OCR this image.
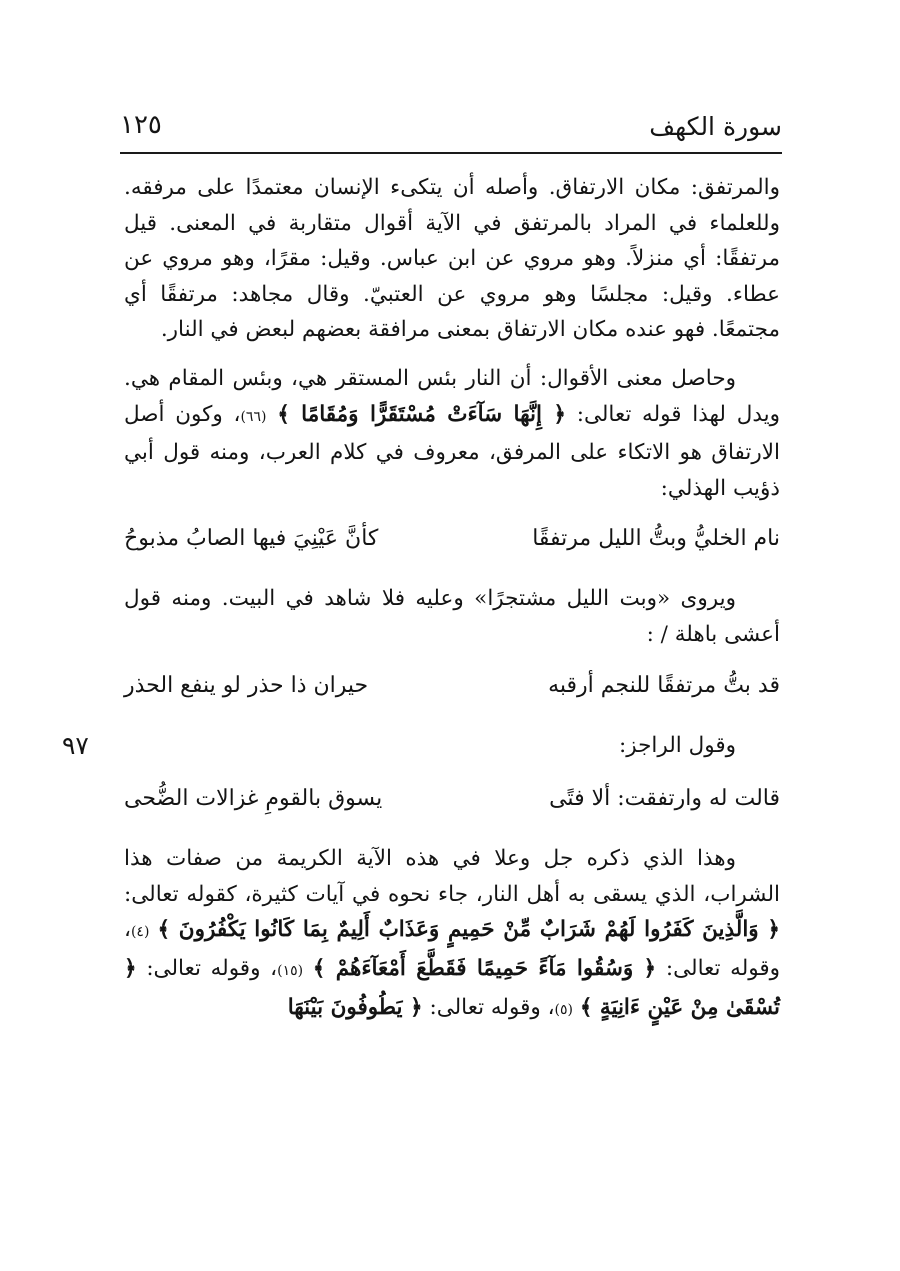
١٢٥	سورة الكهف
٩٧

والمرتفق: مكان الارتفاق. وأصله أن يتكىء الإنسان معتمدًا على مرفقه. وللعلماء في المراد بالمرتفق في الآية أقوال متقاربة في المعنى. قيل مرتفقًا: أي منزلاً. وهو مروي عن ابن عباس. وقيل: مقرًا، وهو مروي عن عطاء. وقيل: مجلسًا وهو مروي عن العتبيّ. وقال مجاهد: مرتفقًا أي مجتمعًا. فهو عنده مكان الارتفاق بمعنى مرافقة بعضهم لبعض في النار.

وحاصل معنى الأقوال: أن النار بئس المستقر هي، وبئس المقام هي. ويدل لهذا قوله تعالى: ﴿ إِنَّهَا سَآءَتْ مُسْتَقَرًّا وَمُقَامًا ﴾ (٦٦)، وكون أصل الارتفاق هو الاتكاء على المرفق، معروف في كلام العرب، ومنه قول أبي ذؤيب الهذلي:

نام الخليُّ وبتُّ الليل مرتفقًا
كأنَّ عَيْنِيَ فيها الصابُ مذبوحُ

ويروى «وبت الليل مشتجرًا» وعليه فلا شاهد في البيت. ومنه قول أعشى باهلة / :

قد بتُّ مرتفقًا للنجم أرقبه
حيران ذا حذر لو ينفع الحذر

وقول الراجز:

قالت له وارتفقت: ألا فتًى
يسوق بالقومِ غزالات الضُّحى

وهذا الذي ذكره جل وعلا في هذه الآية الكريمة من صفات هذا الشراب، الذي يسقى به أهل النار، جاء نحوه في آيات كثيرة، كقوله تعالى: ﴿ وَالَّذِينَ كَفَرُوا لَهُمْ شَرَابٌ مِّنْ حَمِيمٍ وَعَذَابٌ أَلِيمٌ بِمَا كَانُوا يَكْفُرُونَ ﴾ (٤)، وقوله تعالى: ﴿ وَسُقُوا مَآءً حَمِيمًا فَقَطَّعَ أَمْعَآءَهُمْ ﴾ (١٥)، وقوله تعالى: ﴿ تُسْقَىٰ مِنْ عَيْنٍ ءَانِيَةٍ ﴾ (٥)، وقوله تعالى: ﴿ يَطُوفُونَ بَيْنَهَا
